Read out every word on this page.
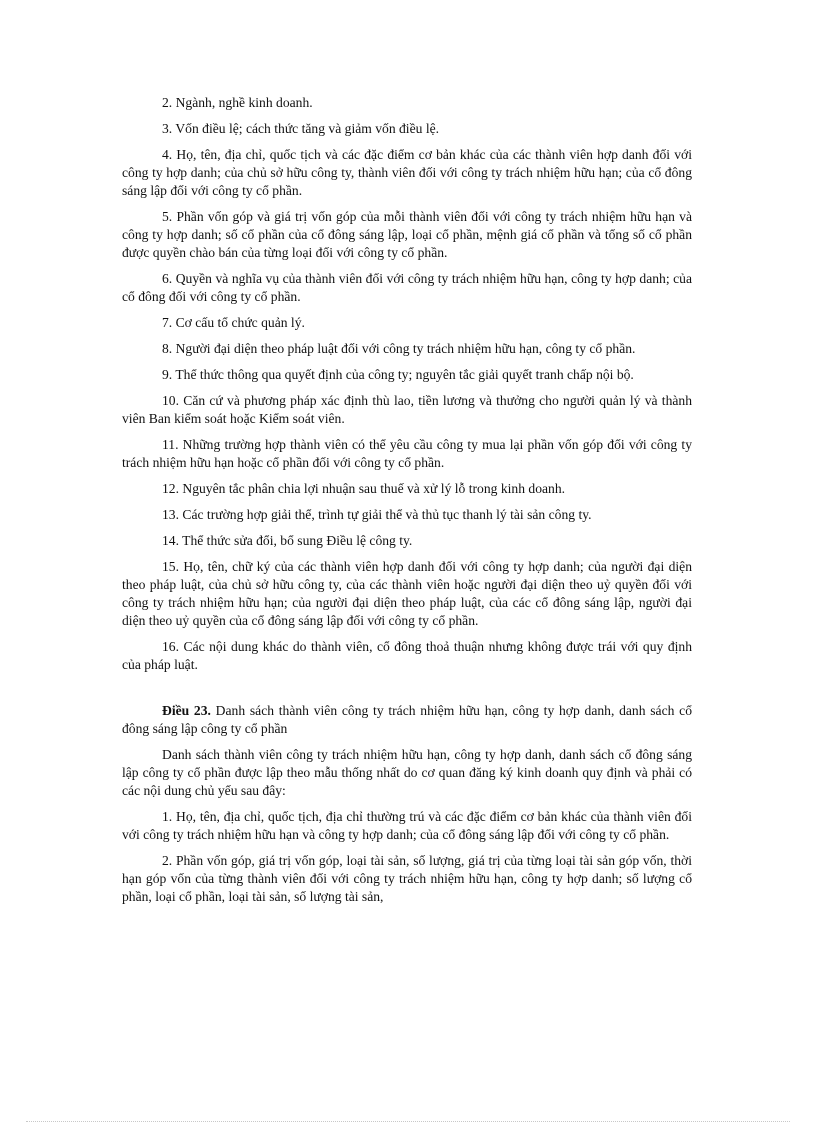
2. Ngành, nghề kinh doanh.

3. Vốn điều lệ; cách thức tăng và giảm vốn điều lệ.

4. Họ, tên, địa chỉ, quốc tịch và các đặc điểm cơ bản khác của các thành viên hợp danh đối với công ty hợp danh; của chủ sở hữu công ty, thành viên đối với công ty trách nhiệm hữu hạn; của cổ đông sáng lập đối với công ty cổ phần.

5. Phần vốn góp và giá trị vốn góp của mỗi thành viên đối với công ty trách nhiệm hữu hạn và công ty hợp danh; số cổ phần của cổ đông sáng lập, loại cổ phần, mệnh giá cổ phần và tổng số cổ phần được quyền chào bán của từng loại đối với công ty cổ phần.

6. Quyền và nghĩa vụ của thành viên đối với công ty trách nhiệm hữu hạn, công ty hợp danh; của cổ đông đối với công ty cổ phần.

7. Cơ cấu tổ chức quản lý.

8. Người đại diện theo pháp luật đối với công ty trách nhiệm hữu hạn, công ty cổ phần.

9. Thể thức thông qua quyết định của công ty; nguyên tắc giải quyết tranh chấp nội bộ.

10. Căn cứ và phương pháp xác định thù lao, tiền lương và thưởng cho người quản lý và thành viên Ban kiểm soát hoặc Kiểm soát viên.

11. Những trường hợp thành viên có thể yêu cầu công ty mua lại phần vốn góp đối với công ty trách nhiệm hữu hạn hoặc cổ phần đối với công ty cổ phần.

12. Nguyên tắc phân chia lợi nhuận sau thuế và xử lý lỗ trong kinh doanh.

13. Các trường hợp giải thể, trình tự giải thể và thủ tục thanh lý tài sản công ty.

14. Thể thức sửa đổi, bổ sung Điều lệ công ty.

15. Họ, tên, chữ ký của các thành viên hợp danh đối với công ty hợp danh; của người đại diện theo pháp luật, của chủ sở hữu công ty, của các thành viên hoặc người đại diện theo uỷ quyền đối với công ty trách nhiệm hữu hạn; của người đại diện theo pháp luật, của các cổ đông sáng lập, người đại diện theo uỷ quyền của cổ đông sáng lập đối với công ty cổ phần.

16. Các nội dung khác do thành viên, cổ đông thoả thuận nhưng không được trái với quy định của pháp luật.

Điều 23. Danh sách thành viên công ty trách nhiệm hữu hạn, công ty hợp danh, danh sách cổ đông sáng lập công ty cổ phần

Danh sách thành viên công ty trách nhiệm hữu hạn, công ty hợp danh, danh sách cổ đông sáng lập công ty cổ phần được lập theo mẫu thống nhất do cơ quan đăng ký kinh doanh quy định và phải có các nội dung chủ yếu sau đây:

1. Họ, tên, địa chỉ, quốc tịch, địa chỉ thường trú và các đặc điểm cơ bản khác của thành viên đối với công ty trách nhiệm hữu hạn và công ty hợp danh; của cổ đông sáng lập đối với công ty cổ phần.

2. Phần vốn góp, giá trị vốn góp, loại tài sản, số lượng, giá trị của từng loại tài sản góp vốn, thời hạn góp vốn của từng thành viên đối với công ty trách nhiệm hữu hạn, công ty hợp danh; số lượng cổ phần, loại cổ phần, loại tài sản, số lượng tài sản,
